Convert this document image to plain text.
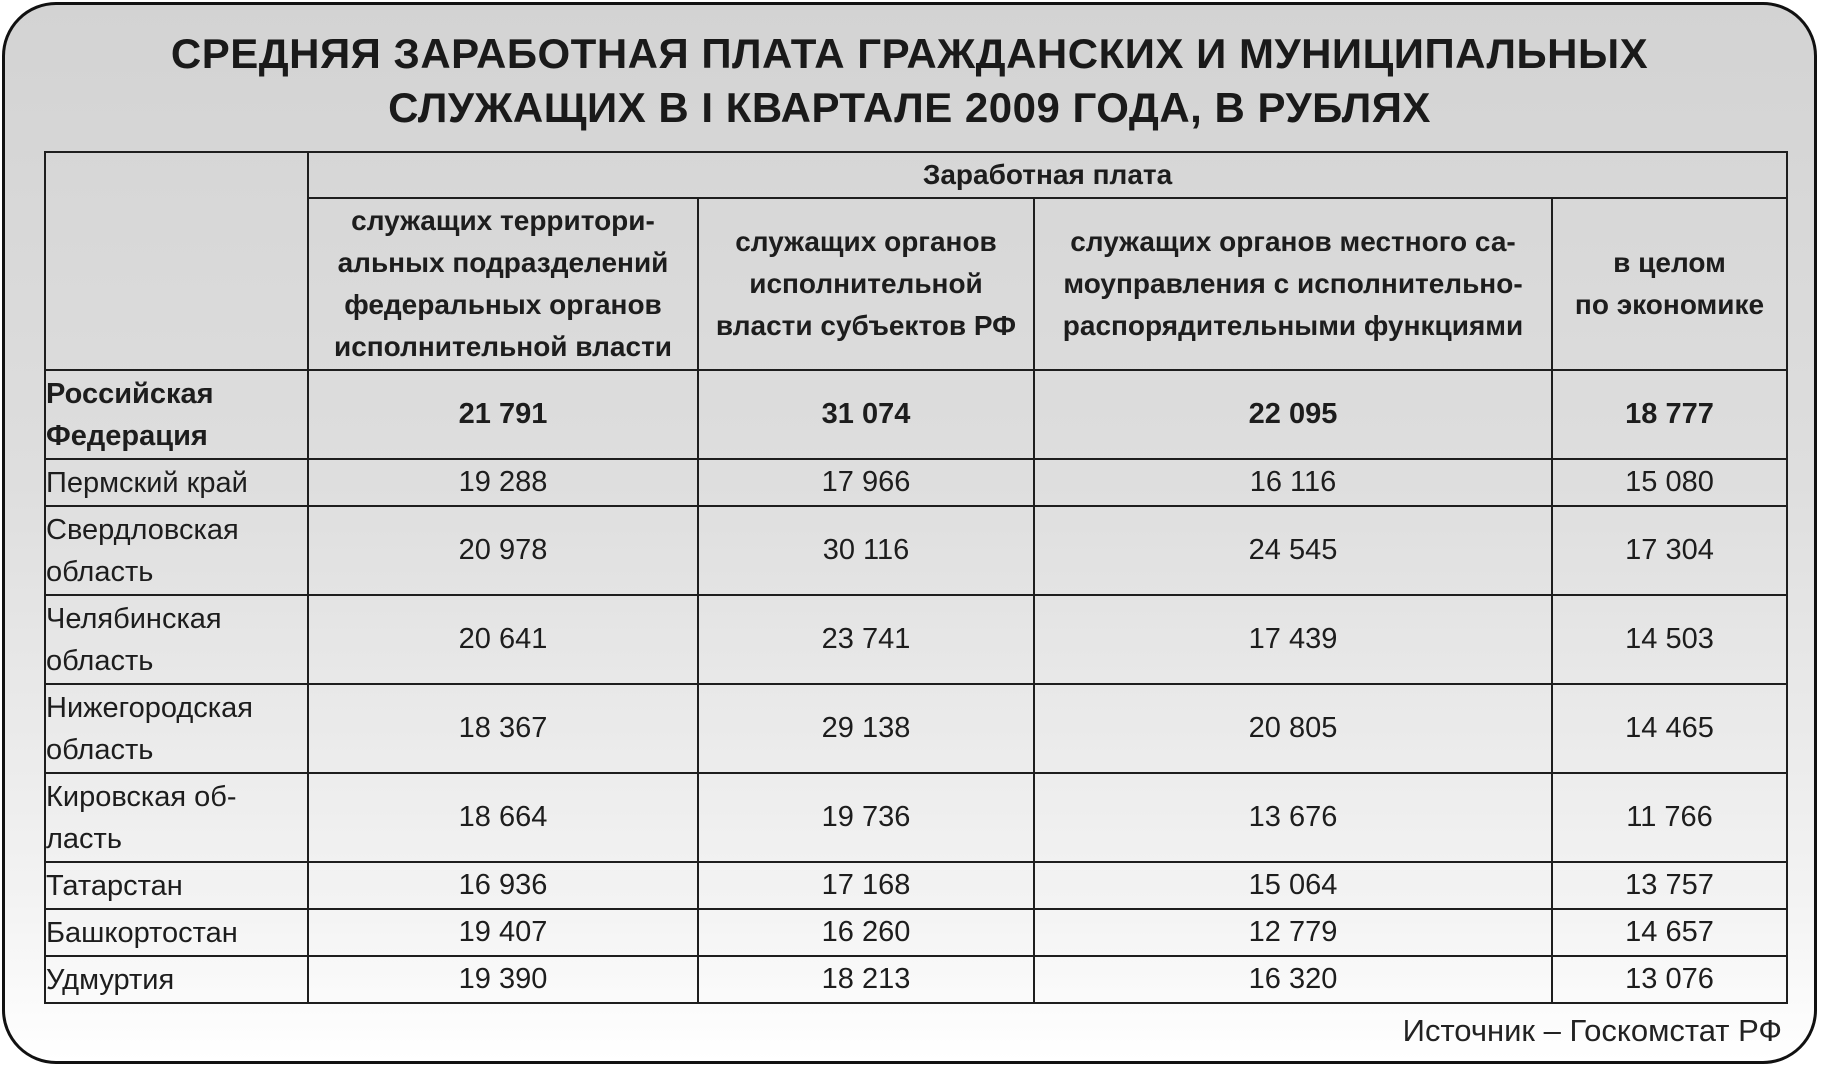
СРЕДНЯЯ ЗАРАБОТНАЯ ПЛАТА ГРАЖДАНСКИХ И МУНИЦИПАЛЬНЫХ
СЛУЖАЩИХ В I КВАРТАЛЕ 2009 ГОДА, В РУБЛЯХ
	Заработная плата			
	служащих территори-
альных подразделений
федеральных органов
исполнительной власти	служащих органов
исполнительной
власти субъектов РФ	служащих органов местного са-
моуправления с исполнительно-
распорядительными функциями	в целом
по экономике
Российская
Федерация	21 791	31 074	22 095	18 777
Пермский край	19 288	17 966	16 116	15 080
Свердловская
область	20 978	30 116	24 545	17 304
Челябинская
область	20 641	23 741	17 439	14 503
Нижегородская
область	18 367	29 138	20 805	14 465
Кировская об-
ласть	18 664	19 736	13 676	11 766
Татарстан	16 936	17 168	15 064	13 757
Башкортостан	19 407	16 260	12 779	14 657
Удмуртия	19 390	18 213	16 320	13 076
Источник – Госкомстат РФ
